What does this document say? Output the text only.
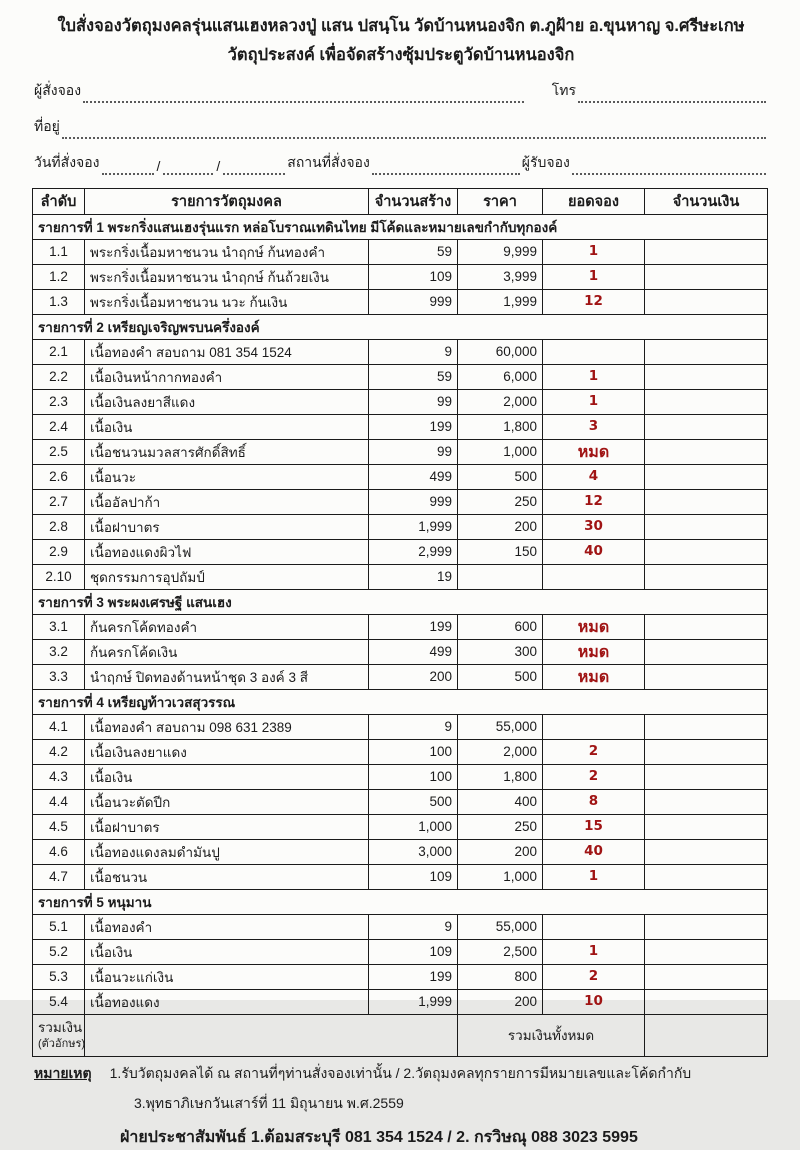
ใบสั่งจองวัตถุมงคลรุ่นแสนเฮงหลวงปู่ แสน ปสนฺโน วัดบ้านหนองจิก ต.ภูฝ้าย อ.ขุนหาญ จ.ศรีษะเกษ
วัตถุประสงค์ เพื่อจัดสร้างซุ้มประตูวัดบ้านหนองจิก
ผู้สั่งจอง	โทร
ที่อยู่
วันที่สั่งจอง	/	/	สถานที่สั่งจอง	ผู้รับจอง
ลำดับ	รายการวัตถุมงคล	จำนวนสร้าง	ราคา	ยอดจอง	จำนวนเงิน
รายการที่ 1 พระกริ่งแสนเฮงรุ่นแรก หล่อโบราณเทดินไทย มีโค้ดและหมายเลขกำกับทุกองค์					
1.1	พระกริ่งเนื้อมหาชนวน นำฤกษ์ ก้นทองคำ	59	9,999	1	
1.2	พระกริ่งเนื้อมหาชนวน นำฤกษ์ ก้นถ้วยเงิน	109	3,999	1	
1.3	พระกริ่งเนื้อมหาชนวน นวะ ก้นเงิน	999	1,999	12	
รายการที่ 2 เหรียญเจริญพรบนครึ่งองค์					
2.1	เนื้อทองคำ สอบถาม 081 354 1524	9	60,000		
2.2	เนื้อเงินหน้ากากทองคำ	59	6,000	1	
2.3	เนื้อเงินลงยาสีแดง	99	2,000	1	
2.4	เนื้อเงิน	199	1,800	3	
2.5	เนื้อชนวนมวลสารศักดิ์สิทธิ์	99	1,000	หมด	
2.6	เนื้อนวะ	499	500	4	
2.7	เนื้ออัลปาก้า	999	250	12	
2.8	เนื้อฝาบาตร	1,999	200	30	
2.9	เนื้อทองแดงผิวไฟ	2,999	150	40	
2.10	ชุดกรรมการอุปถัมป์	19			
รายการที่ 3 พระผงเศรษฐี แสนเฮง					
3.1	ก้นครกโค้ดทองคำ	199	600	หมด	
3.2	ก้นครกโค้ดเงิน	499	300	หมด	
3.3	นำฤกษ์ ปิดทองด้านหน้าชุด 3 องค์ 3 สี	200	500	หมด	
รายการที่ 4 เหรียญท้าวเวสสุวรรณ					
4.1	เนื้อทองคำ สอบถาม 098 631 2389	9	55,000		
4.2	เนื้อเงินลงยาแดง	100	2,000	2	
4.3	เนื้อเงิน	100	1,800	2	
4.4	เนื้อนวะตัดปีก	500	400	8	
4.5	เนื้อฝาบาตร	1,000	250	15	
4.6	เนื้อทองแดงลมดำมันปู	3,000	200	40	
4.7	เนื้อชนวน	109	1,000	1	
รายการที่ 5 หนุมาน					
5.1	เนื้อทองคำ	9	55,000		
5.2	เนื้อเงิน	109	2,500	1	
5.3	เนื้อนวะแก่เงิน	199	800	2	
5.4	เนื้อทองแดง	1,999	200	10	

รวมเงิน
(ตัวอักษร)			รวมเงินทั้งหมด		
หมายเหตุ 1.รับวัตถุมงคลได้ ณ สถานที่ๆท่านสั่งจองเท่านั้น / 2.วัตถุมงคลทุกรายการมีหมายเลขและโค้ดกำกับ
3.พุทธาภิเษกวันเสาร์ที่ 11 มิถุนายน พ.ศ.2559
ฝ่ายประชาสัมพันธ์ 1.ต้อมสระบุรี 081 354 1524 / 2. กรวิษณุ 088 3023 5995
